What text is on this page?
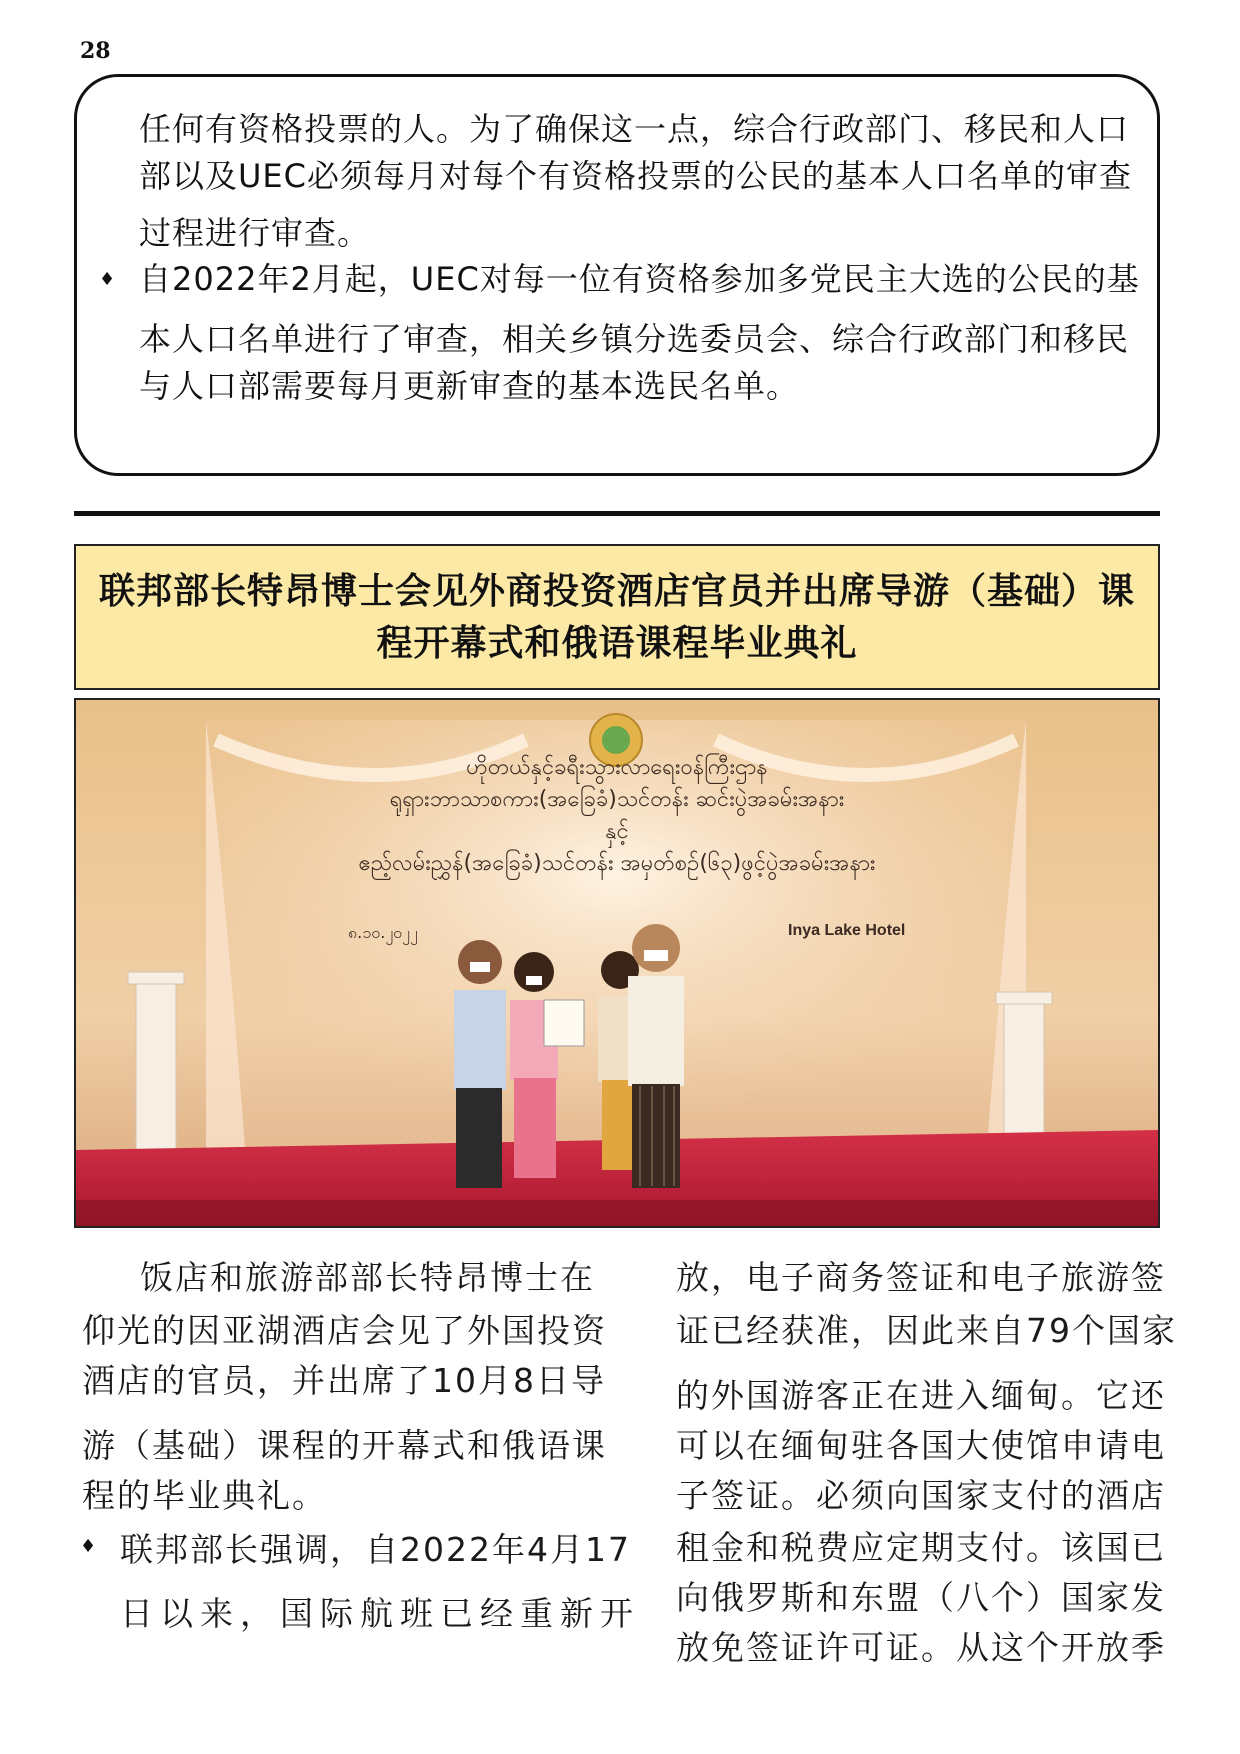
28
任何有资格投票的人。为了确保这一点，综合行政部门、移民和人口
部以及UEC必须每月对每个有资格投票的公民的基本人口名单的审查
过程进行审查。
♦ 自2022年2月起，UEC对每一位有资格参加多党民主大选的公民的基
本人口名单进行了审查，相关乡镇分选委员会、综合行政部门和移民
与人口部需要每月更新审查的基本选民名单。
联邦部长特昂博士会见外商投资酒店官员并出席导游（基础）课
程开幕式和俄语课程毕业典礼
ဟိုတယ်နှင့်ခရီးသွားလာရေးဝန်ကြီးဌာန
ရုရှားဘာသာစကား(အခြေခံ)သင်တန်း ဆင်းပွဲအခမ်းအနား
နှင့်
ဧည့်လမ်းညွှန်(အခြေခံ)သင်တန်း အမှတ်စဉ်(၆၃)ဖွင့်ပွဲအခမ်းအနား
၈.၁၀.၂၀၂၂	Inya Lake Hotel
饭店和旅游部部长特昂博士在
仰光的因亚湖酒店会见了外国投资
酒店的官员，并出席了10月8日导
游（基础）课程的开幕式和俄语课
程的毕业典礼。
♦ 联邦部长强调，自2022年4月17
日以来，国际航班已经重新开
放，电子商务签证和电子旅游签
证已经获准，因此来自79个国家
的外国游客正在进入缅甸。它还
可以在缅甸驻各国大使馆申请电
子签证。必须向国家支付的酒店
租金和税费应定期支付。该国已
向俄罗斯和东盟（八个）国家发
放免签证许可证。从这个开放季
